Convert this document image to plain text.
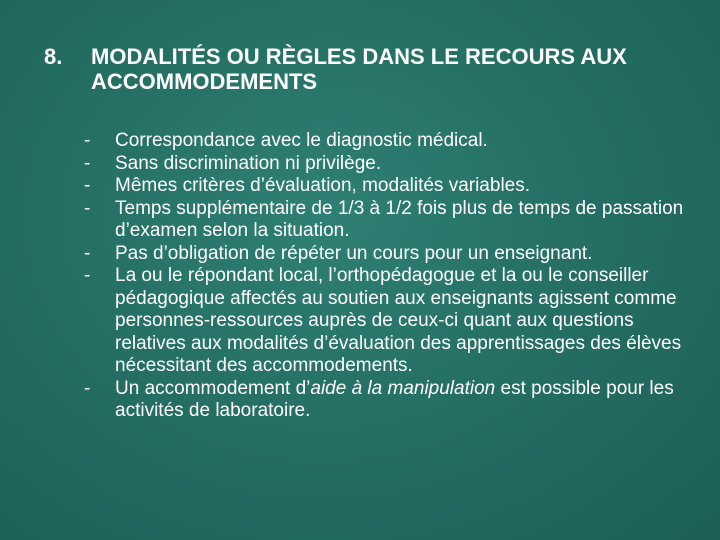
8.	MODALITÉS OU RÈGLES DANS LE RECOURS AUX ACCOMMODEMENTS
-	Correspondance avec le diagnostic médical.
-	Sans discrimination ni privilège.
-	Mêmes critères d’évaluation, modalités variables.
-	Temps supplémentaire de 1/3 à 1/2 fois plus de temps de passation d’examen selon la situation.
-	Pas d’obligation de répéter un cours pour un enseignant.
-	La ou le répondant local, l’orthopédagogue et la ou le conseiller pédagogique affectés au soutien aux enseignants agissent comme personnes-ressources auprès de ceux-ci quant aux questions relatives aux modalités d’évaluation des apprentissages des élèves nécessitant des accommodements.
-	Un accommodement d’aide à la manipulation est possible pour les activités de laboratoire.
